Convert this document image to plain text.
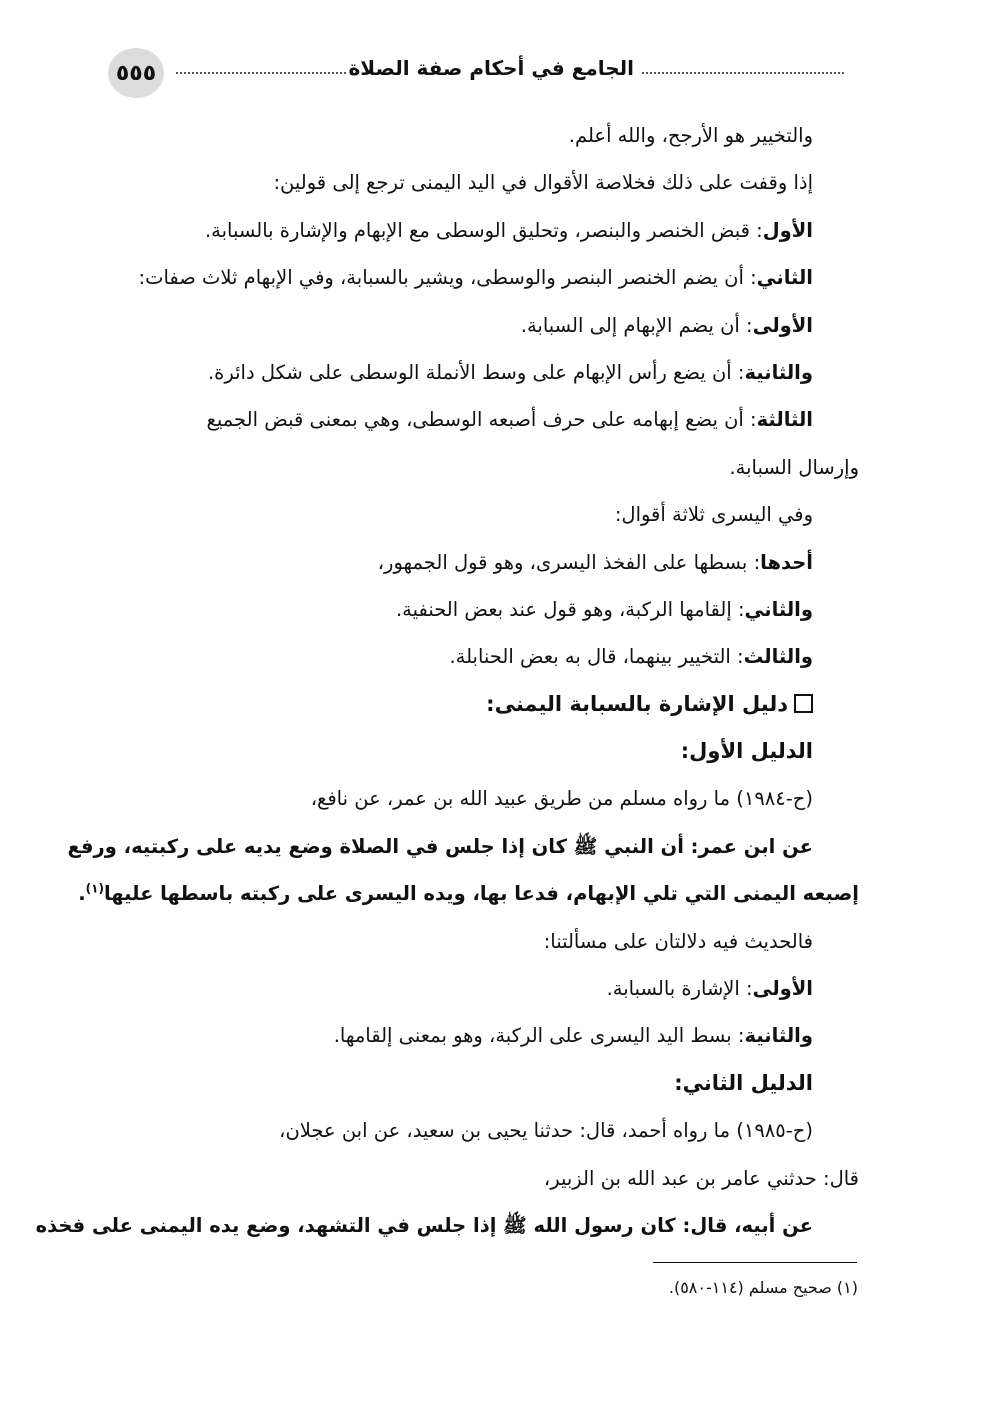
٥٥٥	الجامع في أحكام صفة الصلاة
والتخيير هو الأرجح، والله أعلم.
إذا وقفت على ذلك فخلاصة الأقوال في اليد اليمنى ترجع إلى قولين:
الأول: قبض الخنصر والبنصر، وتحليق الوسطى مع الإبهام والإشارة بالسبابة.
الثاني: أن يضم الخنصر البنصر والوسطى، ويشير بالسبابة، وفي الإبهام ثلاث صفات:
الأولى: أن يضم الإبهام إلى السبابة.
والثانية: أن يضع رأس الإبهام على وسط الأنملة الوسطى على شكل دائرة.
الثالثة: أن يضع إبهامه على حرف أصبعه الوسطى، وهي بمعنى قبض الجميع
وإرسال السبابة.
وفي اليسرى ثلاثة أقوال:
أحدها: بسطها على الفخذ اليسرى، وهو قول الجمهور،
والثاني: إلقامها الركبة، وهو قول عند بعض الحنفية.
والثالث: التخيير بينهما، قال به بعض الحنابلة.
دليل الإشارة بالسبابة اليمنى:
الدليل الأول:
(ح-١٩٨٤) ما رواه مسلم من طريق عبيد الله بن عمر، عن نافع،
عن ابن عمر: أن النبي ﷺ كان إذا جلس في الصلاة وضع يديه على ركبتيه، ورفع
إصبعه اليمنى التي تلي الإبهام، فدعا بها، ويده اليسرى على ركبته باسطها عليها$^{(١)}$.
فالحديث فيه دلالتان على مسألتنا:
الأولى: الإشارة بالسبابة.
والثانية: بسط اليد اليسرى على الركبة، وهو بمعنى إلقامها.
الدليل الثاني:
(ح-١٩٨٥) ما رواه أحمد، قال: حدثنا يحيى بن سعيد، عن ابن عجلان،
قال: حدثني عامر بن عبد الله بن الزبير،
عن أبيه، قال: كان رسول الله ﷺ إذا جلس في التشهد، وضع يده اليمنى على فخذه
(١) صحيح مسلم (١١٤-٥٨٠).
